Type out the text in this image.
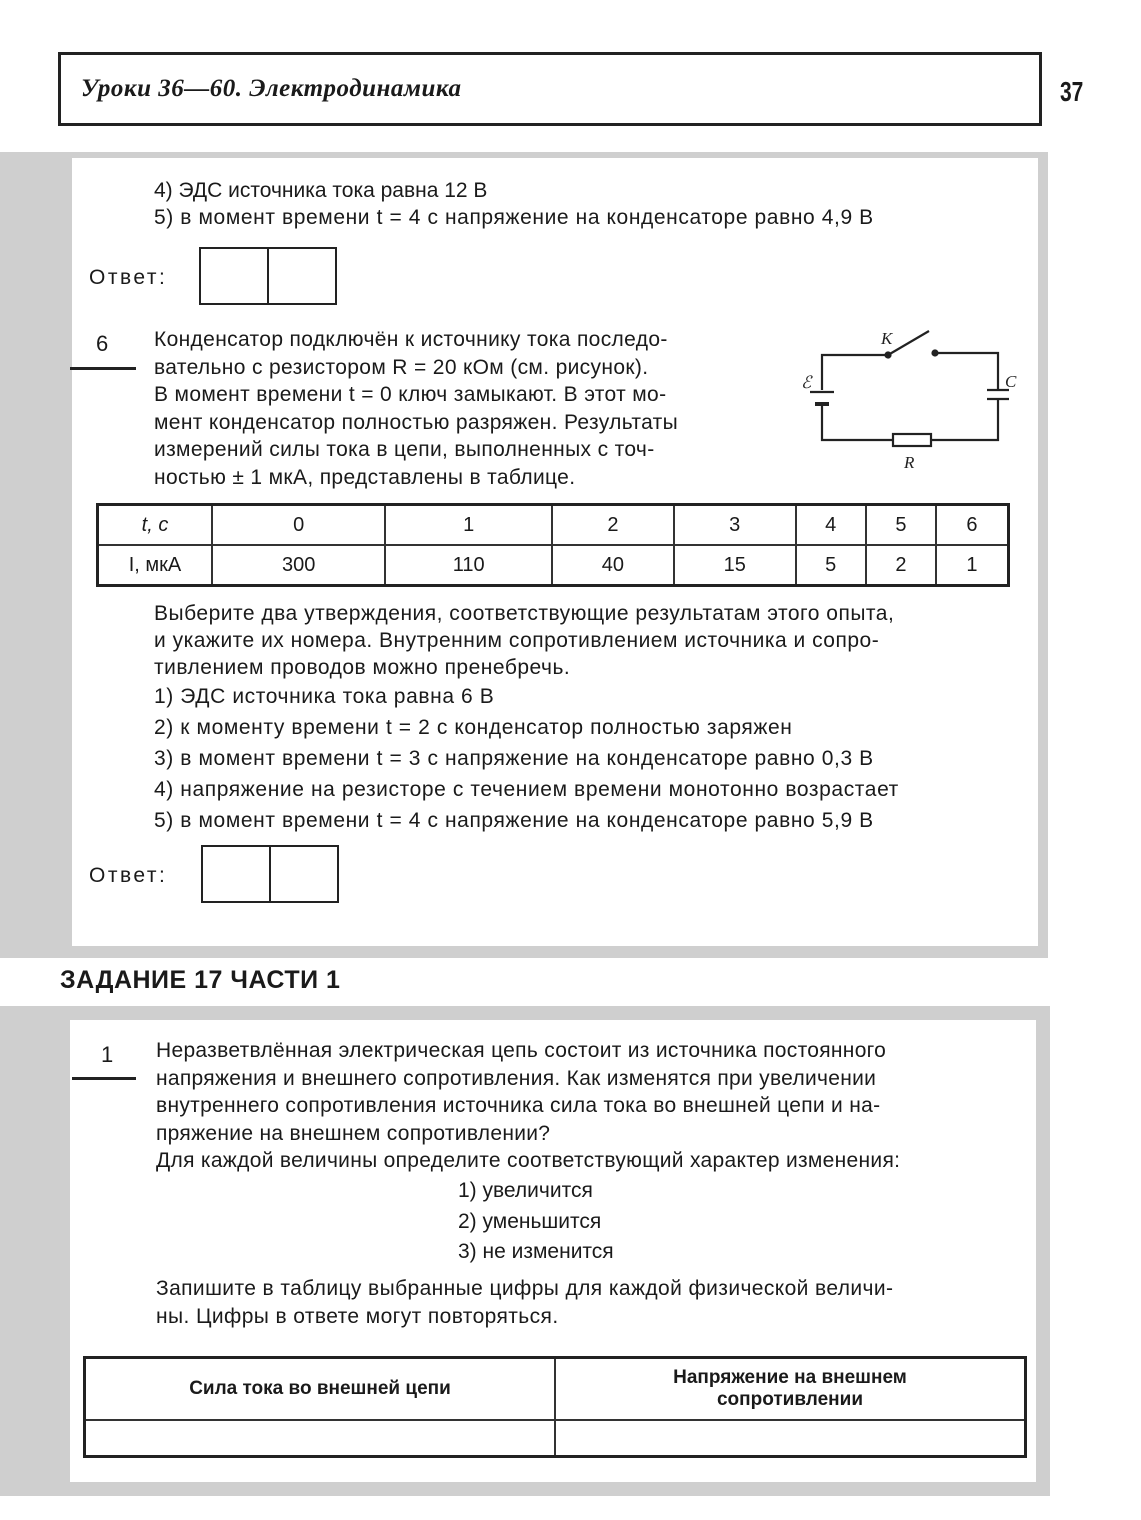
Уроки 36—60. Электродинамика	37
4) ЭДС источника тока равна 12 В
5) в момент времени t = 4 с напряжение на конденсаторе равно 4,9 В
Ответ:
6 Конденсатор подключён к источнику тока последо-
вательно с резистором R = 20 кОм (см. рисунок).
В момент времени t = 0 ключ замыкают. В этот мо-
мент конденсатор полностью разряжен. Результаты
измерений силы тока в цепи, выполненных с точ-
ностью ± 1 мкА, представлены в таблице.
K
ℰ	C
R
t, c	0	1	2	3	4	5	6
I, мкА	300	110	40	15	5	2	1
Выберите два утверждения, соответствующие результатам этого опыта,
и укажите их номера. Внутренним сопротивлением источника и сопро-
тивлением проводов можно пренебречь.
1) ЭДС источника тока равна 6 В
2) к моменту времени t = 2 с конденсатор полностью заряжен
3) в момент времени t = 3 с напряжение на конденсаторе равно 0,3 В
4) напряжение на резисторе с течением времени монотонно возрастает
5) в момент времени t = 4 с напряжение на конденсаторе равно 5,9 В
Ответ:
ЗАДАНИЕ 17 ЧАСТИ 1
1 Неразветвлённая электрическая цепь состоит из источника постоянного
напряжения и внешнего сопротивления. Как изменятся при увеличении
внутреннего сопротивления источника сила тока во внешней цепи и на-
пряжение на внешнем сопротивлении?
Для каждой величины определите соответствующий характер изменения:
1) увеличится
2) уменьшится
3) не изменится
Запишите в таблицу выбранные цифры для каждой физической величи-
ны. Цифры в ответе могут повторяться.
Сила тока во внешней цепи	Напряжение на внешнем сопротивлении
